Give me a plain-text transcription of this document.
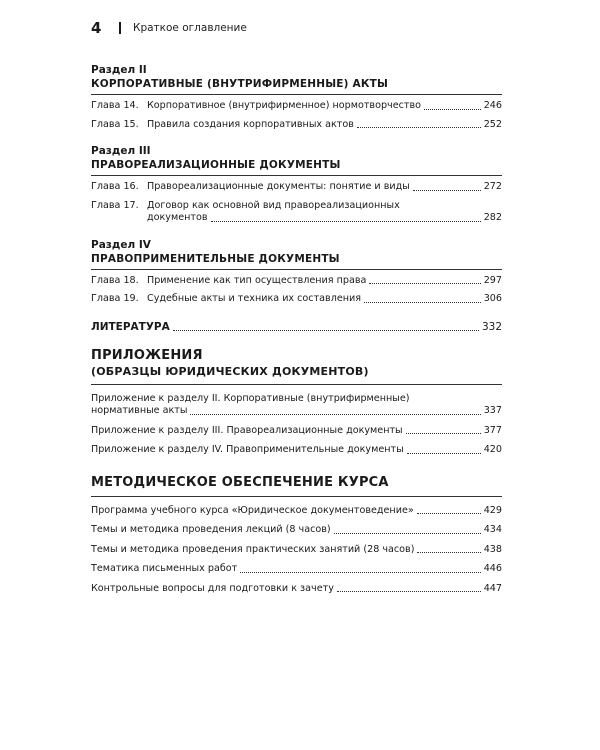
4	Краткое оглавление
Раздел II
КОРПОРАТИВНЫЕ (ВНУТРИФИРМЕННЫЕ) АКТЫ
Глава 14. Корпоративное (внутрифирменное) нормотворчество	246
Глава 15. Правила создания корпоративных актов	252
Раздел III
ПРАВОРЕАЛИЗАЦИОННЫЕ ДОКУМЕНТЫ
Глава 16. Правореализационные документы: понятие и виды	272
Глава 17. Договор как основной вид правореализационных
документов	282
Раздел IV
ПРАВОПРИМЕНИТЕЛЬНЫЕ ДОКУМЕНТЫ
Глава 18. Применение как тип осуществления права	297
Глава 19. Судебные акты и техника их составления	306
ЛИТЕРАТУРА	332
ПРИЛОЖЕНИЯ
(ОБРАЗЦЫ ЮРИДИЧЕСКИХ ДОКУМЕНТОВ)
Приложение к разделу II. Корпоративные (внутрифирменные)
нормативные акты	337
Приложение к разделу III. Правореализационные документы	377
Приложение к разделу IV. Правоприменительные документы	420
МЕТОДИЧЕСКОЕ ОБЕСПЕЧЕНИЕ КУРСА
Программа учебного курса «Юридическое документоведение»	429
Темы и методика проведения лекций (8 часов)	434
Темы и методика проведения практических занятий (28 часов)	438
Тематика письменных работ	446
Контрольные вопросы для подготовки к зачету	447
